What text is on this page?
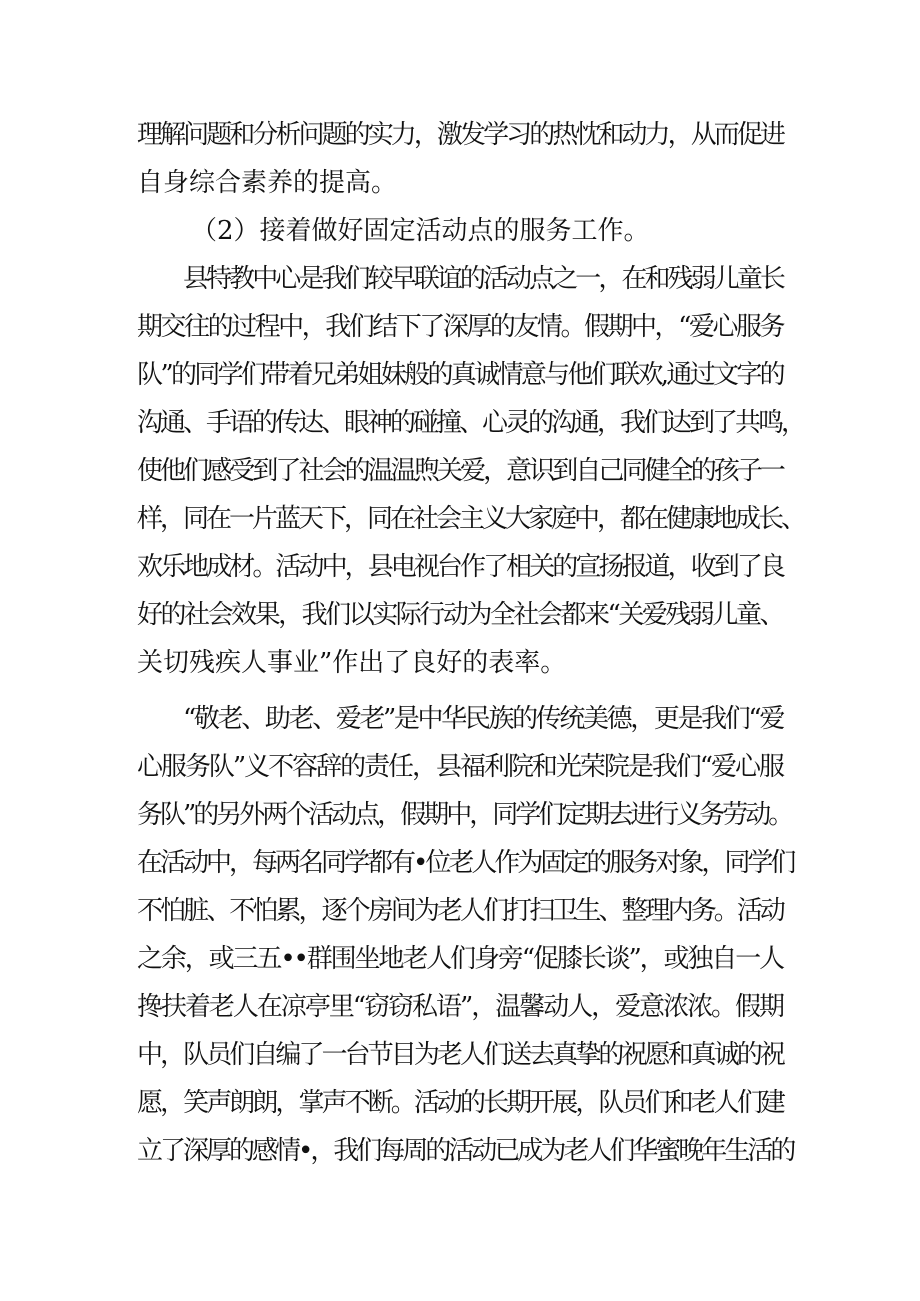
理解问题和分析问题的实力，激发学习的热忱和动力，从而促进
自身综合素养的提高。
（2）接着做好固定活动点的服务工作。
县特教中心是我们较早联谊的活动点之一，在和残弱儿童长
期交往的过程中，我们结下了深厚的友情。假期中，“爱心服务
队”的同学们带着兄弟姐妹般的真诚情意与他们联欢,通过文字的
沟通、手语的传达、眼神的碰撞、心灵的沟通，我们达到了共鸣，
使他们感受到了社会的温温煦关爱，意识到自己同健全的孩子一
样，同在一片蓝天下，同在社会主义大家庭中，都在健康地成长、
欢乐地成材。活动中，县电视台作了相关的宣扬报道，收到了良
好的社会效果，我们以实际行动为全社会都来“关爱残弱儿童、
关切残疾人事业”作出了良好的表率。
“敬老、助老、爱老”是中华民族的传统美德，更是我们“爱
心服务队”义不容辞的责任，县福利院和光荣院是我们“爱心服
务队”的另外两个活动点，假期中，同学们定期去进行义务劳动。
在活动中，每两名同学都有•位老人作为固定的服务对象，同学们
不怕脏、不怕累，逐个房间为老人们打扫卫生、整理内务。活动
之余，或三五••群围坐地老人们身旁“促膝长谈”，或独自一人
搀扶着老人在凉亭里“窃窃私语”，温馨动人，爱意浓浓。假期
中，队员们自编了一台节目为老人们送去真挚的祝愿和真诚的祝
愿，笑声朗朗，掌声不断。活动的长期开展，队员们和老人们建
立了深厚的感情•，我们每周的活动已成为老人们华蜜晚年生活的
